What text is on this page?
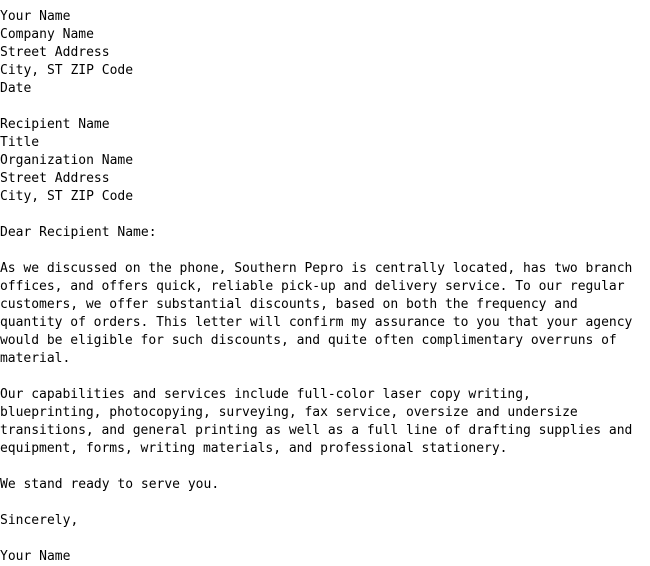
Your Name
Company Name
Street Address
City, ST ZIP Code
Date
Recipient Name
Title
Organization Name
Street Address
City, ST ZIP Code
Dear Recipient Name:
As we discussed on the phone, Southern Pepro is centrally located, has two branch
offices, and offers quick, reliable pick-up and delivery service. To our regular
customers, we offer substantial discounts, based on both the frequency and
quantity of orders. This letter will confirm my assurance to you that your agency
would be eligible for such discounts, and quite often complimentary overruns of
material.
Our capabilities and services include full-color laser copy writing,
blueprinting, photocopying, surveying, fax service, oversize and undersize
transitions, and general printing as well as a full line of drafting supplies and
equipment, forms, writing materials, and professional stationery.
We stand ready to serve you.
Sincerely,
Your Name
